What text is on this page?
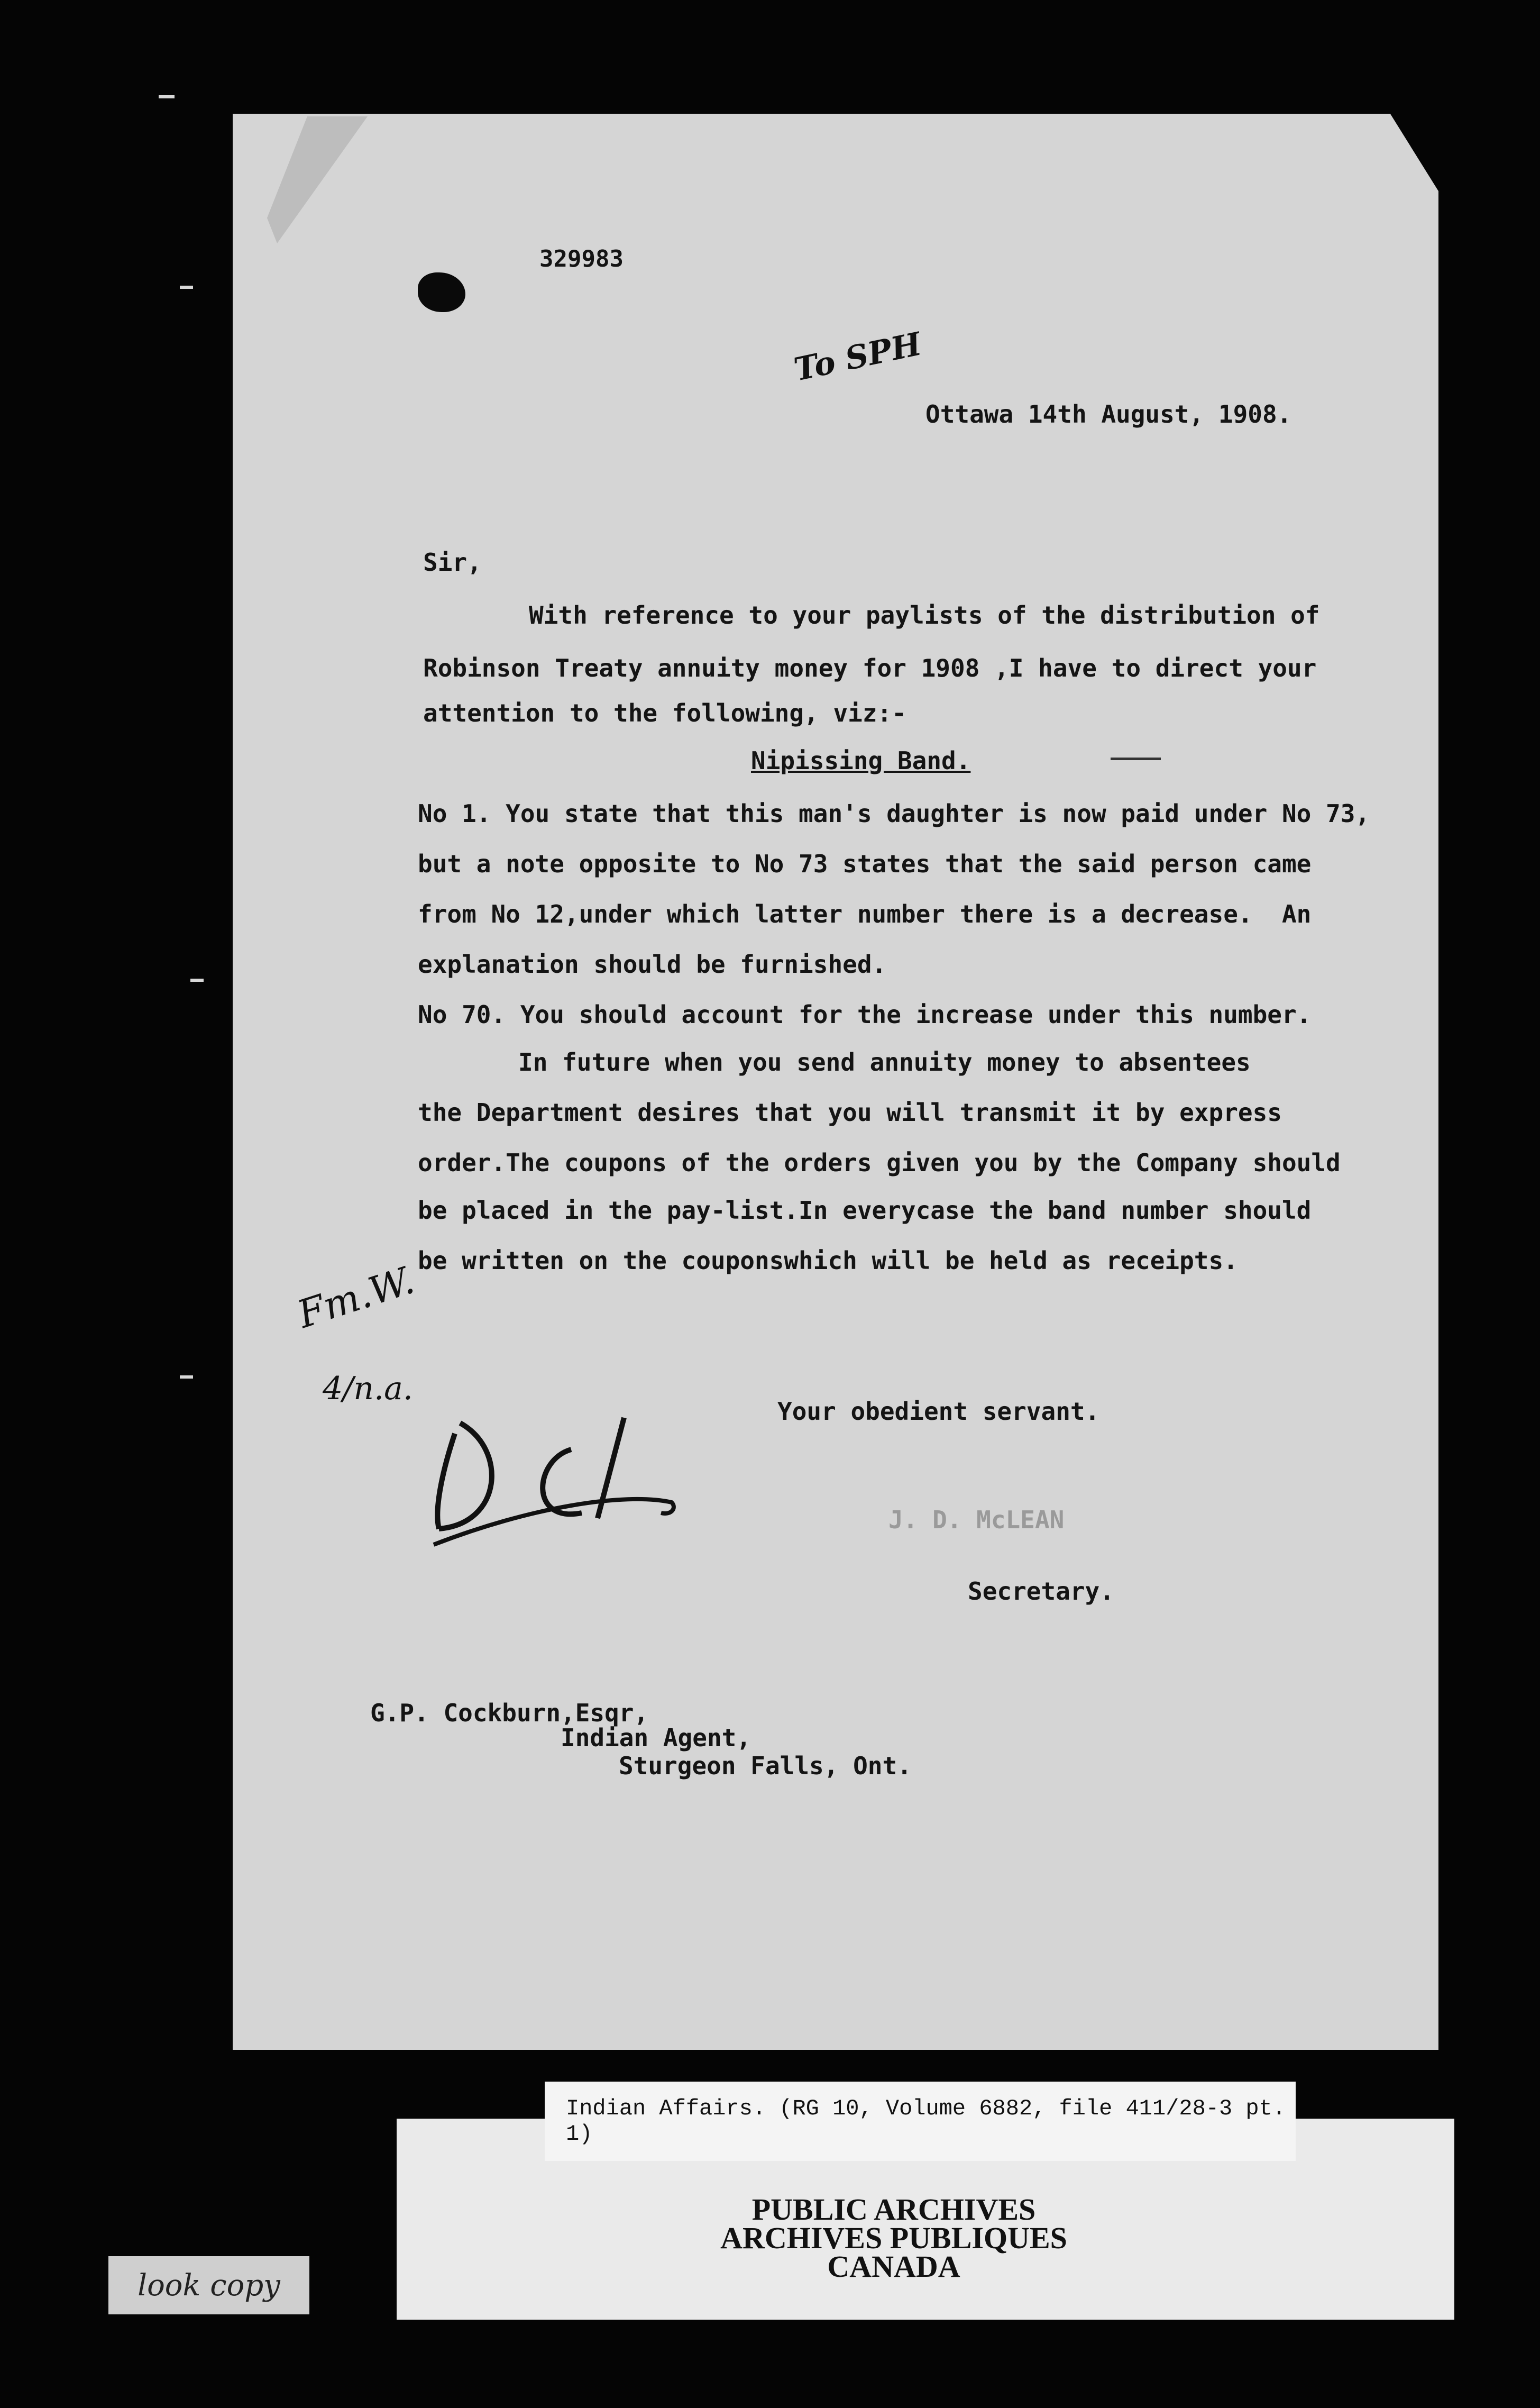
329983
To SPH
Ottawa 14th August, 1908.
Sir,
With reference to your paylists of the distribution of
Robinson Treaty annuity money for 1908 ,I have to direct your
attention to the following, viz:-
Nipissing Band.
No 1. You state that this man's daughter is now paid under No 73,
but a note opposite to No 73 states that the said person came
from No 12,under which latter number there is a decrease.  An
explanation should be furnished.
No 70. You should account for the increase under this number.
In future when you send annuity money to absentees
the Department desires that you will transmit it by express
order.The coupons of the orders given you by the Company should
be placed in the pay-list.In everycase the band number should
be written on the couponswhich will be held as receipts.
Fm.W.
4/n.a.
Your obedient servant.
J. D. McLEAN
Secretary.
G.P. Cockburn,Esqr,
Indian Agent,
Sturgeon Falls, Ont.
Indian Affairs. (RG 10, Volume 6882, file 411/28-3 pt. 1)
PUBLIC ARCHIVES
ARCHIVES PUBLIQUES
CANADA
look copy
